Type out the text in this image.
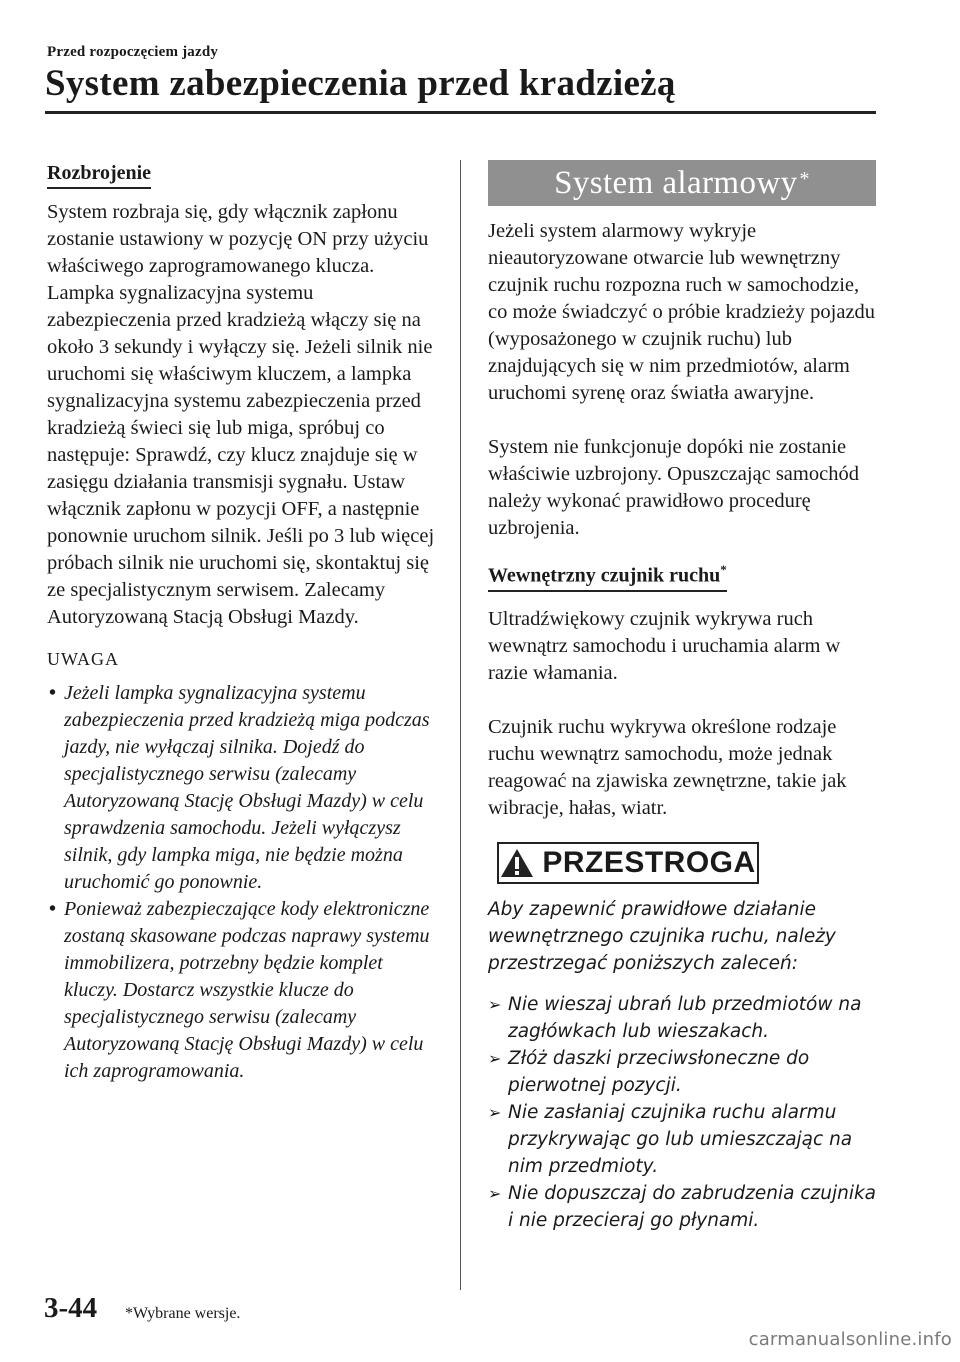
Przed rozpoczęciem jazdy
System zabezpieczenia przed kradzieżą
Rozbrojenie

System rozbraja się, gdy włącznik zapłonu zostanie ustawiony w pozycję ON przy użyciu właściwego zaprogramowanego klucza. Lampka sygnalizacyjna systemu zabezpieczenia przed kradzieżą włączy się na około 3 sekundy i wyłączy się. Jeżeli silnik nie uruchomi się właściwym kluczem, a lampka sygnalizacyjna systemu zabezpieczenia przed kradzieżą świeci się lub miga, spróbuj co następuje: Sprawdź, czy klucz znajduje się w zasięgu działania transmisji sygnału. Ustaw włącznik zapłonu w pozycji OFF, a następnie ponownie uruchom silnik. Jeśli po 3 lub więcej próbach silnik nie uruchomi się, skontaktuj się ze specjalistycznym serwisem. Zalecamy Autoryzowaną Stacją Obsługi Mazdy.

UWAGA

• Jeżeli lampka sygnalizacyjna systemu zabezpieczenia przed kradzieżą miga podczas jazdy, nie wyłączaj silnika. Dojedź do specjalistycznego serwisu (zalecamy Autoryzowaną Stację Obsługi Mazdy) w celu sprawdzenia samochodu. Jeżeli wyłączysz silnik, gdy lampka miga, nie będzie można uruchomić go ponownie.
• Ponieważ zabezpieczające kody elektroniczne zostaną skasowane podczas naprawy systemu immobilizera, potrzebny będzie komplet kluczy. Dostarcz wszystkie klucze do specjalistycznego serwisu (zalecamy Autoryzowaną Stację Obsługi Mazdy) w celu ich zaprogramowania.
System alarmowy*

Jeżeli system alarmowy wykryje nieautoryzowane otwarcie lub wewnętrzny czujnik ruchu rozpozna ruch w samochodzie, co może świadczyć o próbie kradzieży pojazdu (wyposażonego w czujnik ruchu) lub znajdujących się w nim przedmiotów, alarm uruchomi syrenę oraz światła awaryjne.

System nie funkcjonuje dopóki nie zostanie właściwie uzbrojony. Opuszczając samochód należy wykonać prawidłowo procedurę uzbrojenia.

Wewnętrzny czujnik ruchu*

Ultradźwiękowy czujnik wykrywa ruch wewnątrz samochodu i uruchamia alarm w razie włamania.

Czujnik ruchu wykrywa określone rodzaje ruchu wewnątrz samochodu, może jednak reagować na zjawiska zewnętrzne, takie jak wibracje, hałas, wiatr.

PRZESTROGA

Aby zapewnić prawidłowe działanie wewnętrznego czujnika ruchu, należy przestrzegać poniższych zaleceń:

➢ Nie wieszaj ubrań lub przedmiotów na zagłówkach lub wieszakach.
➢ Złóż daszki przeciwsłoneczne do pierwotnej pozycji.
➢ Nie zasłaniaj czujnika ruchu alarmu przykrywając go lub umieszczając na nim przedmioty.
➢ Nie dopuszczaj do zabrudzenia czujnika i nie przecieraj go płynami.
3-44 *Wybrane wersje.
carmanualsonline.info
